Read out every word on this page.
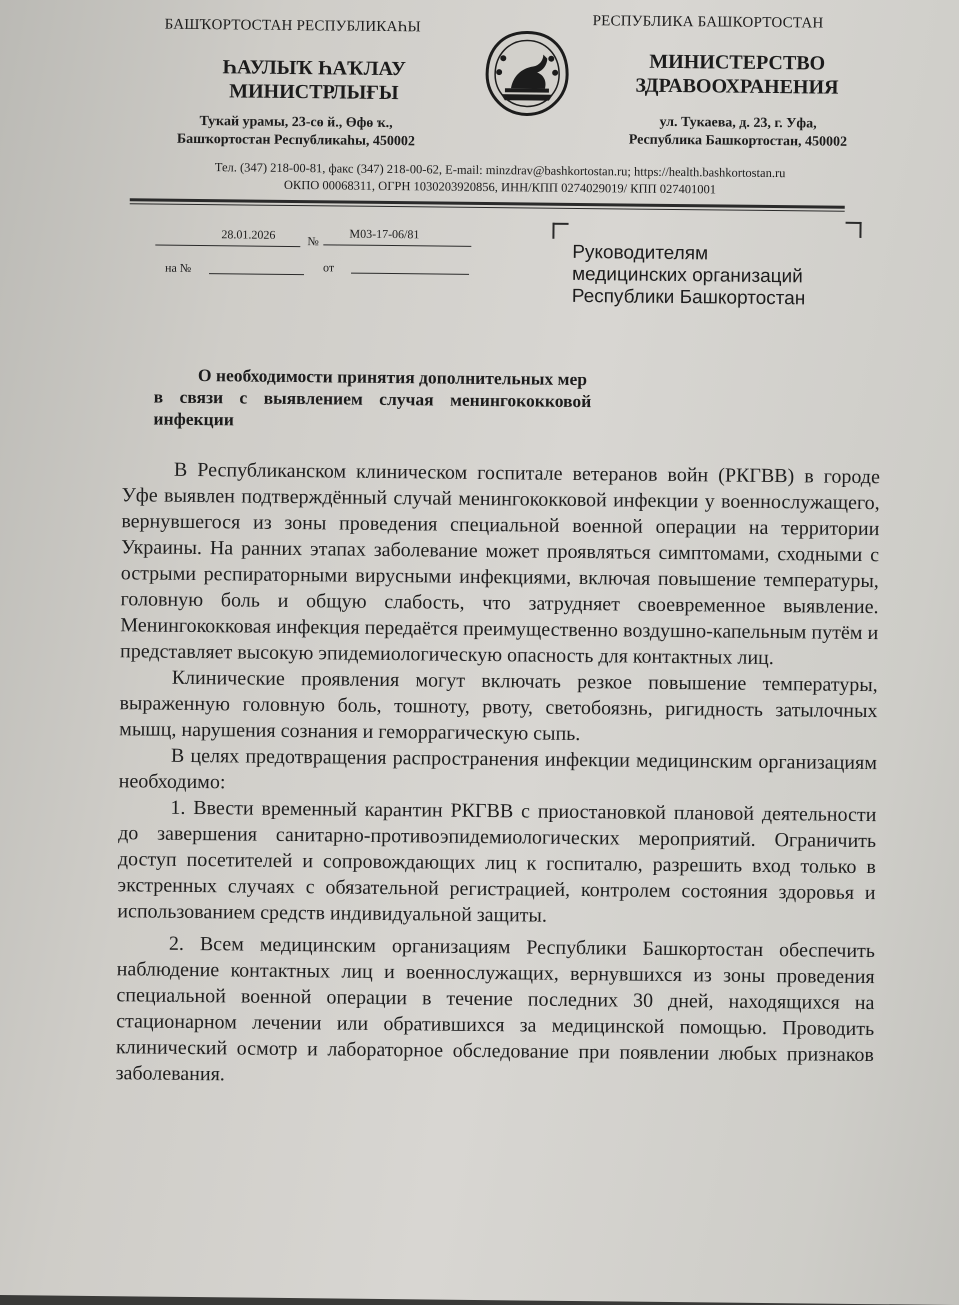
БАШҠОРТОСТАН РЕСПУБЛИКАҺЫ	РЕСПУБЛИКА БАШКОРТОСТАН
ҺАУЛЫҠ ҺАҠЛАУ
МИНИСТРЛЫҒЫ
МИНИСТЕРСТВО
ЗДРАВООХРАНЕНИЯ
Туҡай урамы, 23-сө й., Өфө ҡ.,
Башҡортостан Республикаһы, 450002
ул. Тукаева, д. 23, г. Уфа,
Республика Башкортостан, 450002
Тел. (347) 218-00-81, факс (347) 218-00-62, E-mail: minzdrav@bashkortostan.ru; https://health.bashkortostan.ru
ОКПО 00068311, ОГРН 1030203920856, ИНН/КПП 0274029019/ КПП 027401001
28.01.2026	№	М03-17-06/81
на №	от
Руководителям
медицинских организаций
Республики Башкортостан
О необходимости принятия дополнительных мер
в связи с выявлением случая менингококковой
инфекции

В Республиканском клиническом госпитале ветеранов войн (РКГВВ) в городе Уфе выявлен подтверждённый случай менингококковой инфекции у военнослужащего, вернувшегося из зоны проведения специальной военной операции на территории Украины. На ранних этапах заболевание может проявляться симптомами, сходными с острыми респираторными вирусными инфекциями, включая повышение температуры, головную боль и общую слабость, что затрудняет своевременное выявление. Менингококковая инфекция передаётся преимущественно воздушно-капельным путём и представляет высокую эпидемиологическую опасность для контактных лиц.

Клинические проявления могут включать резкое повышение температуры, выраженную головную боль, тошноту, рвоту, светобоязнь, ригидность затылочных мышц, нарушения сознания и геморрагическую сыпь.

В целях предотвращения распространения инфекции медицинским организациям необходимо:

1. Ввести временный карантин РКГВВ с приостановкой плановой деятельности до завершения санитарно-противоэпидемиологических мероприятий. Ограничить доступ посетителей и сопровождающих лиц к госпиталю, разрешить вход только в экстренных случаях с обязательной регистрацией, контролем состояния здоровья и использованием средств индивидуальной защиты.

2. Всем медицинским организациям Республики Башкортостан обеспечить наблюдение контактных лиц и военнослужащих, вернувшихся из зоны проведения специальной военной операции в течение последних 30 дней, находящихся на стационарном лечении или обратившихся за медицинской помощью. Проводить клинический осмотр и лабораторное обследование при появлении любых признаков заболевания.
